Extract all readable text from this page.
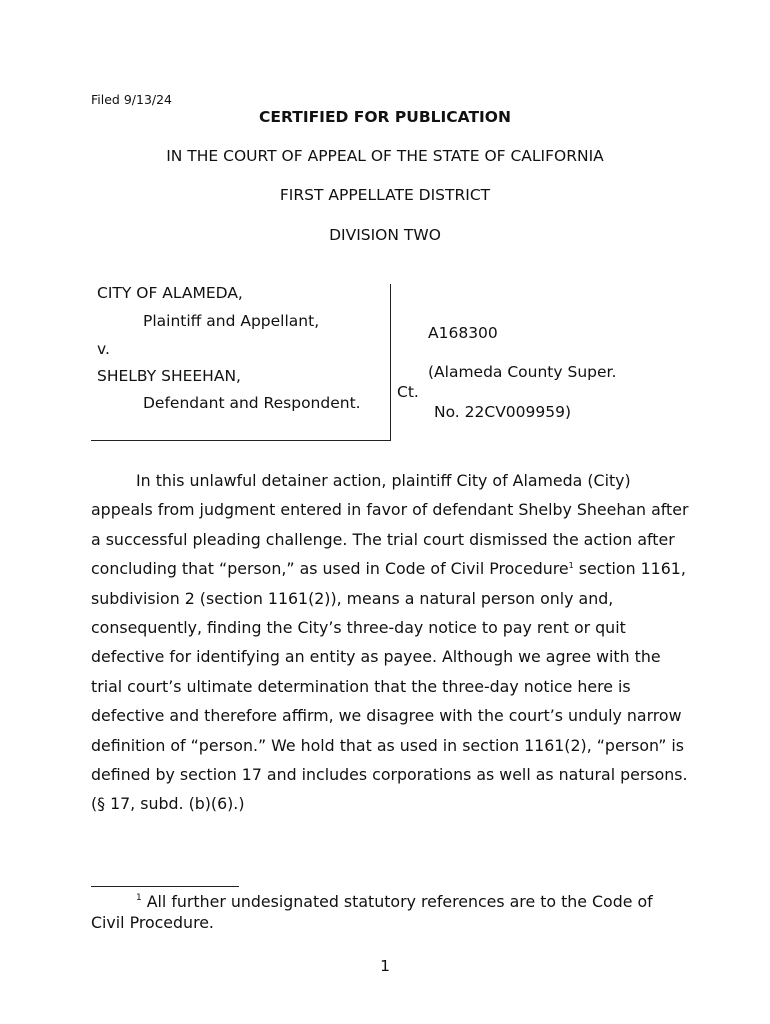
Filed 9/13/24
CERTIFIED FOR PUBLICATION
IN THE COURT OF APPEAL OF THE STATE OF CALIFORNIA
FIRST APPELLATE DISTRICT
DIVISION TWO
CITY OF ALAMEDA,
Plaintiff and Appellant,
v.
SHELBY SHEEHAN,
Defendant and Respondent.
A168300
(Alameda County Super.
Ct.
No. 22CV009959)

In this unlawful detainer action, plaintiff City of Alameda (City) appeals from judgment entered in favor of defendant Shelby Sheehan after a successful pleading challenge. The trial court dismissed the action after concluding that “person,” as used in Code of Civil Procedure$^1$ section 1161, subdivision 2 (section 1161(2)), means a natural person only and, consequently, finding the City’s three-day notice to pay rent or quit defective for identifying an entity as payee. Although we agree with the trial court’s ultimate determination that the three-day notice here is defective and therefore affirm, we disagree with the court’s unduly narrow definition of “person.” We hold that as used in section 1161(2), “person” is defined by section 17 and includes corporations as well as natural persons. (§ 17, subd. (b)(6).)

$^1$ All further undesignated statutory references are to the Code of Civil Procedure.

1
